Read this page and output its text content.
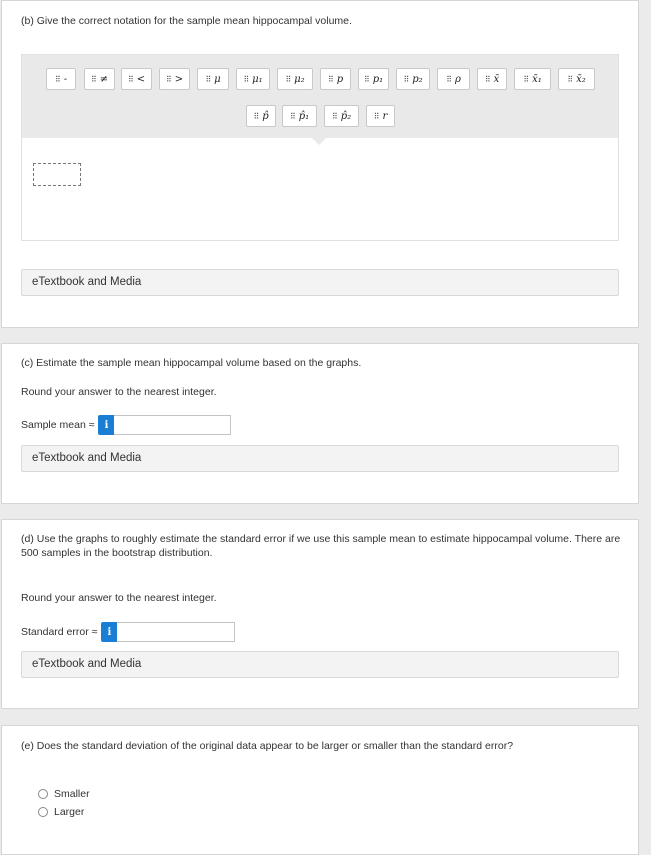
(b) Give the correct notation for the sample mean hippocampal volume.
⠿ -	⠿ ≠ ⠿ <	⠿ >	⠿ μ	⠿ μ₁	⠿ μ₂	⠿ p	⠿ p₁	⠿ p₂	⠿ ρ	⠿ x̄	⠿ x̄₁	⠿ x̄₂
⠿ p̂	⠿ p̂₁	⠿ p̂₂	⠿ r
eTextbook and Media
(c) Estimate the sample mean hippocampal volume based on the graphs.
Round your answer to the nearest integer.
Sample mean ≈	i
eTextbook and Media
(d) Use the graphs to roughly estimate the standard error if we use this sample mean to estimate hippocampal volume. There are
500 samples in the bootstrap distribution.
Round your answer to the nearest integer.
Standard error ≈	i
eTextbook and Media
(e) Does the standard deviation of the original data appear to be larger or smaller than the standard error?
Smaller
Larger
